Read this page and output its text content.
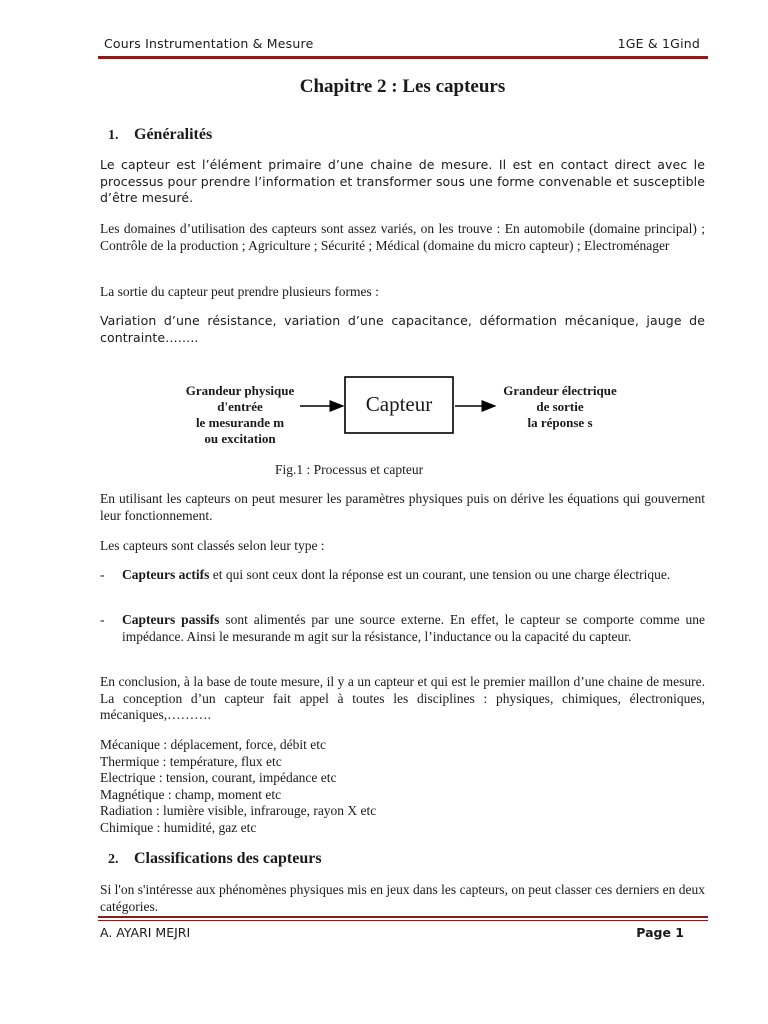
Cours Instrumentation & Mesure	1GE & 1Gind
Chapitre 2 : Les capteurs
1. Généralités
Le capteur est l’élément primaire d’une chaine de mesure. Il est en contact direct avec le processus pour prendre l’information et transformer sous une forme convenable et susceptible d’être mesuré.
Les domaines d’utilisation des capteurs sont assez variés, on les trouve : En automobile (domaine principal) ; Contrôle de la production ; Agriculture ; Sécurité ; Médical (domaine du micro capteur) ; Electroménager
La sortie du capteur peut prendre plusieurs formes :
Variation d’une résistance, variation d’une capacitance, déformation mécanique, jauge de contrainte……..
Grandeur physique
d'entrée
le mesurande m
ou excitation
Capteur
Grandeur électrique
de sortie
la réponse s
Fig.1 : Processus et capteur
En utilisant les capteurs on peut mesurer les paramètres physiques puis on dérive les équations qui gouvernent leur fonctionnement.
Les capteurs sont classés selon leur type :
- Capteurs actifs et qui sont ceux dont la réponse est un courant, une tension ou une charge électrique.
- Capteurs passifs sont alimentés par une source externe. En effet, le capteur se comporte comme une impédance. Ainsi le mesurande m agit sur la résistance, l’inductance ou la capacité du capteur.
En conclusion, à la base de toute mesure, il y a un capteur et qui est le premier maillon d’une chaine de mesure. La conception d’un capteur fait appel à toutes les disciplines : physiques, chimiques, électroniques, mécaniques,……….
Mécanique : déplacement, force, débit etc
Thermique : température, flux etc
Electrique : tension, courant, impédance etc
Magnétique : champ, moment etc
Radiation : lumière visible, infrarouge, rayon X etc
Chimique : humidité, gaz etc
2. Classifications des capteurs
Si l'on s'intéresse aux phénomènes physiques mis en jeux dans les capteurs, on peut classer ces derniers en deux catégories.
A. AYARI MEJRI	Page 1
